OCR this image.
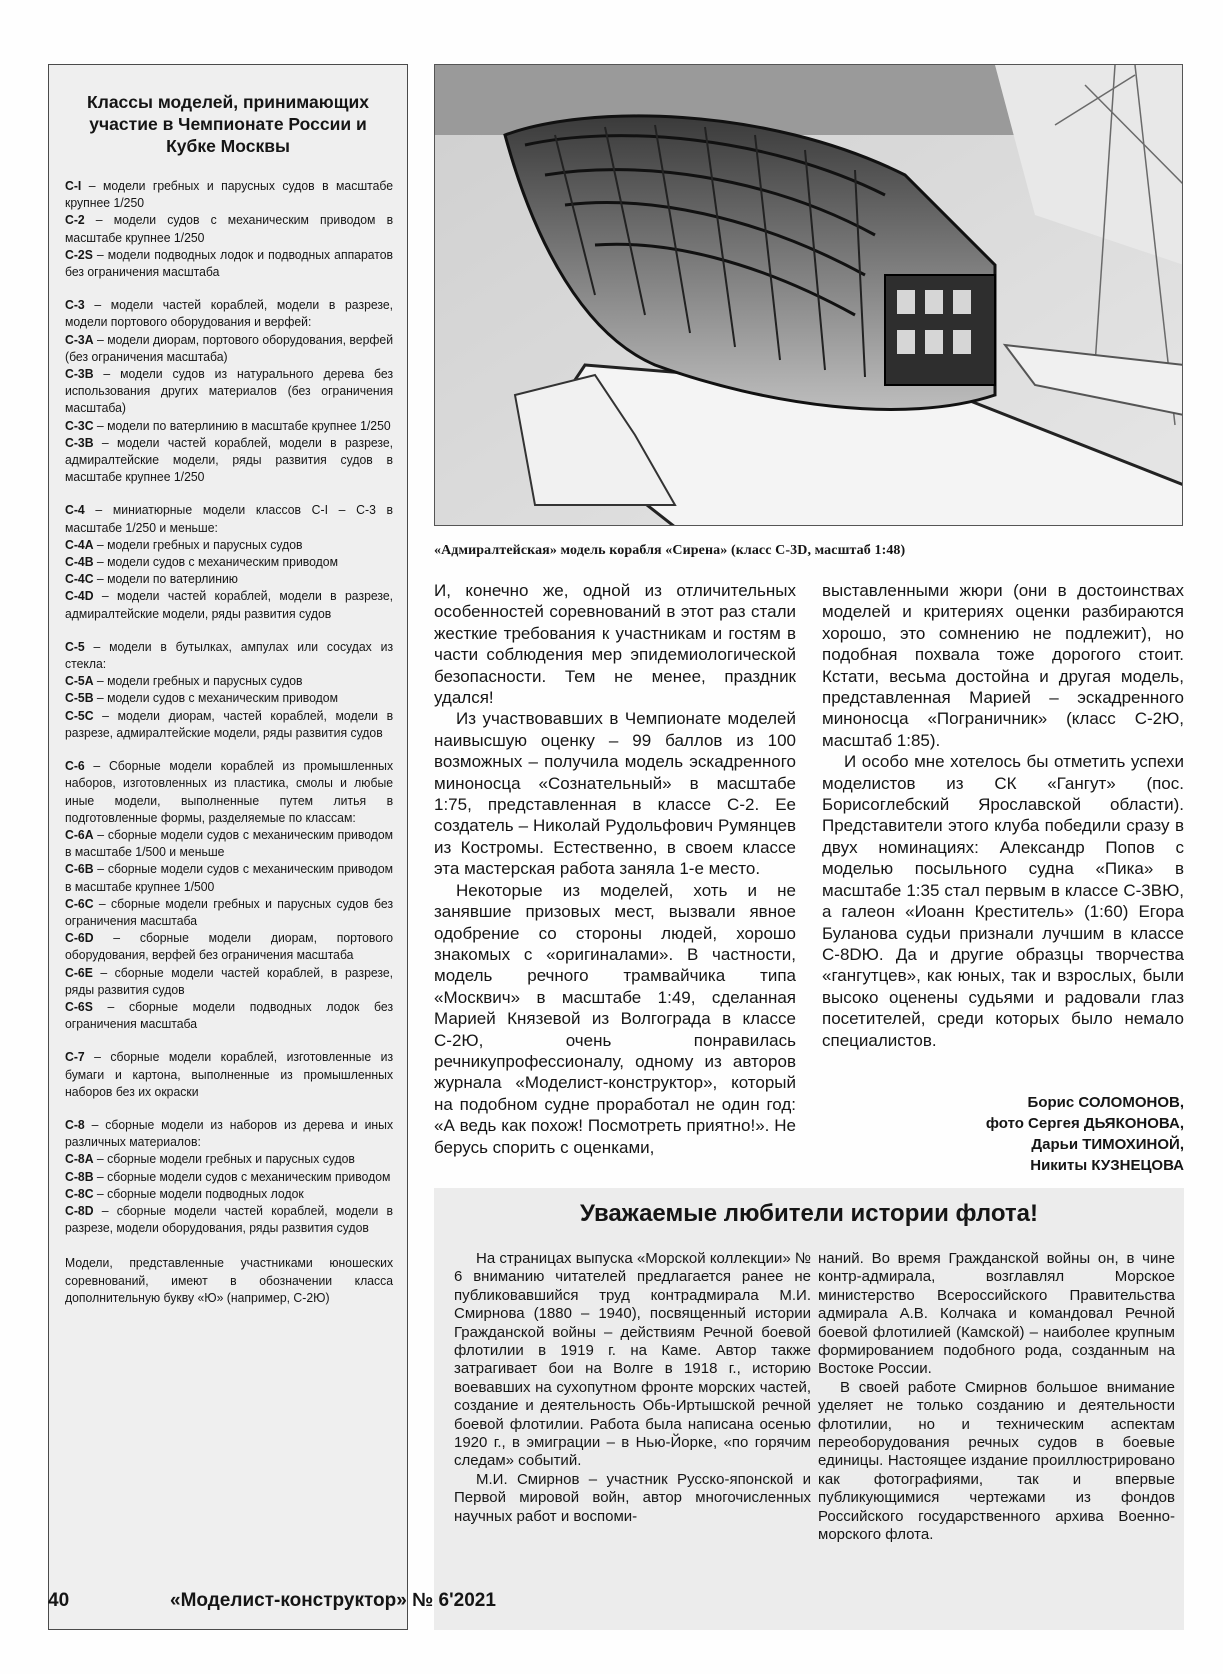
Классы моделей, принимающих участие в Чемпионате России и Кубке Москвы

С-I – модели гребных и парусных судов в масштабе крупнее 1/250

С-2 – модели судов с механическим приводом в масштабе крупнее 1/250

С-2S – модели подводных лодок и подводных аппаратов без ограничения масштаба

С-3 – модели частей кораблей, модели в разрезе, модели портового оборудования и верфей:

С-3А – модели диорам, портового оборудования, верфей (без ограничения масштаба)

С-3В – модели судов из натурального дерева без использования других материалов (без ограничения масштаба)

С-3С – модели по ватерлинию в масштабе крупнее 1/250

С-3В – модели частей кораблей, модели в разрезе, адмиралтейские модели, ряды развития судов в масштабе крупнее 1/250

С-4 – миниатюрные модели классов С-I – С-3 в масштабе 1/250 и меньше:

С-4А – модели гребных и парусных судов

С-4В – модели судов с механическим приводом

С-4С – модели по ватерлинию

С-4D – модели частей кораблей, модели в разрезе, адмиралтейские модели, ряды развития судов

С-5 – модели в бутылках, ампулах или сосудах из стекла:

С-5А – модели гребных и парусных судов

С-5В – модели судов с механическим приводом

С-5С – модели диорам, частей кораблей, модели в разрезе, адмиралтейские модели, ряды развития судов

С-6 – Сборные модели кораблей из промышленных наборов, изготовленных из пластика, смолы и любые иные модели, выполненные путем литья в подготовленные формы, разделяемые по классам:

С-6А – сборные модели судов с механическим приводом в масштабе 1/500 и меньше

С-6В – сборные модели судов с механическим приводом в масштабе крупнее 1/500

С-6С – сборные модели гребных и парусных судов без ограничения масштаба

С-6D – сборные модели диорам, портового оборудования, верфей без ограничения масштаба

С-6Е – сборные модели частей кораблей, в разрезе, ряды развития судов

С-6S – сборные модели подводных лодок без ограничения масштаба

С-7 – сборные модели кораблей, изготовленные из бумаги и картона, выполненные из промышленных наборов без их окраски

С-8 – сборные модели из наборов из дерева и иных различных материалов:

С-8А – сборные модели гребных и парусных судов

С-8В – сборные модели судов с механическим приводом

С-8С – сборные модели подводных лодок

С-8D – сборные модели частей кораблей, модели в разрезе, модели оборудования, ряды развития судов

Модели, представленные участниками юношеских соревнований, имеют в обозначении класса дополнительную букву «Ю» (например, С-2Ю)

«Адмиралтейская» модель корабля «Сирена» (класс С-3D, масштаб 1:48)

И, конечно же, одной из отличительных особенностей соревнований в этот раз стали жесткие требования к участникам и гостям в части соблюдения мер эпидемиологической безопасности. Тем не менее, праздник удался!

Из участвовавших в Чемпионате моделей наивысшую оценку – 99 баллов из 100 возможных – получила модель эскадренного миноносца «Сознательный» в масштабе 1:75, представленная в классе С-2. Ее создатель – Николай Рудольфович Румянцев из Костромы. Естественно, в своем классе эта мастерская работа заняла 1-е место.

Некоторые из моделей, хоть и не занявшие призовых мест, вызвали явное одобрение со стороны людей, хорошо знакомых с «оригиналами». В частности, модель речного трамвайчика типа «Москвич» в масштабе 1:49, сделанная Марией Князевой из Волгограда в классе С-2Ю, очень понравилась речникупрофессионалу, одному из авторов журнала «Моделист-конструктор», который на подобном судне проработал не один год: «А ведь как похож! Посмотреть приятно!». Не берусь спорить с оценками,

выставленными жюри (они в достоинствах моделей и критериях оценки разбираются хорошо, это сомнению не подлежит), но подобная похвала тоже дорогого стоит. Кстати, весьма достойна и другая модель, представленная Марией – эскадренного миноносца «Пограничник» (класс С-2Ю, масштаб 1:85).

И особо мне хотелось бы отметить успехи моделистов из СК «Гангут» (пос. Борисоглебский Ярославской области). Представители этого клуба победили сразу в двух номинациях: Александр Попов с моделью посыльного судна «Пика» в масштабе 1:35 стал первым в классе С-3ВЮ, а галеон «Иоанн Креститель» (1:60) Егора Буланова судьи признали лучшим в классе С-8DЮ. Да и другие образцы творчества «гангутцев», как юных, так и взрослых, были высоко оценены судьями и радовали глаз посетителей, среди которых было немало специалистов.

Борис СОЛОМОНОВ,
фото Сергея ДЬЯКОНОВА,
Дарьи ТИМОХИНОЙ,
Никиты КУЗНЕЦОВА
Уважаемые любители истории флота!

На страницах выпуска «Морской коллекции» № 6 вниманию читателей предлагается ранее не публиковавшийся труд контрадмирала М.И. Смирнова (1880 – 1940), посвященный истории Гражданской войны – действиям Речной боевой флотилии в 1919 г. на Каме. Автор также затрагивает бои на Волге в 1918 г., историю воевавших на сухопутном фронте морских частей, создание и деятельность Обь-Иртышской речной боевой флотилии. Работа была написана осенью 1920 г., в эмиграции – в Нью-Йорке, «по горячим следам» событий.

М.И. Смирнов – участник Русско-японской и Первой мировой войн, автор многочисленных научных работ и воспоми-

наний. Во время Гражданской войны он, в чине контр-адмирала, возглавлял Морское министерство Всероссийского Правительства адмирала А.В. Колчака и командовал Речной боевой флотилией (Камской) – наиболее крупным формированием подобного рода, созданным на Востоке России.

В своей работе Смирнов большое внимание уделяет не только созданию и деятельности флотилии, но и техническим аспектам переоборудования речных судов в боевые единицы. Настоящее издание проиллюстрировано как фотографиями, так и впервые публикующимися чертежами из фондов Российского государственного архива Военно-морского флота.

40	«Моделист-конструктор» № 6'2021
